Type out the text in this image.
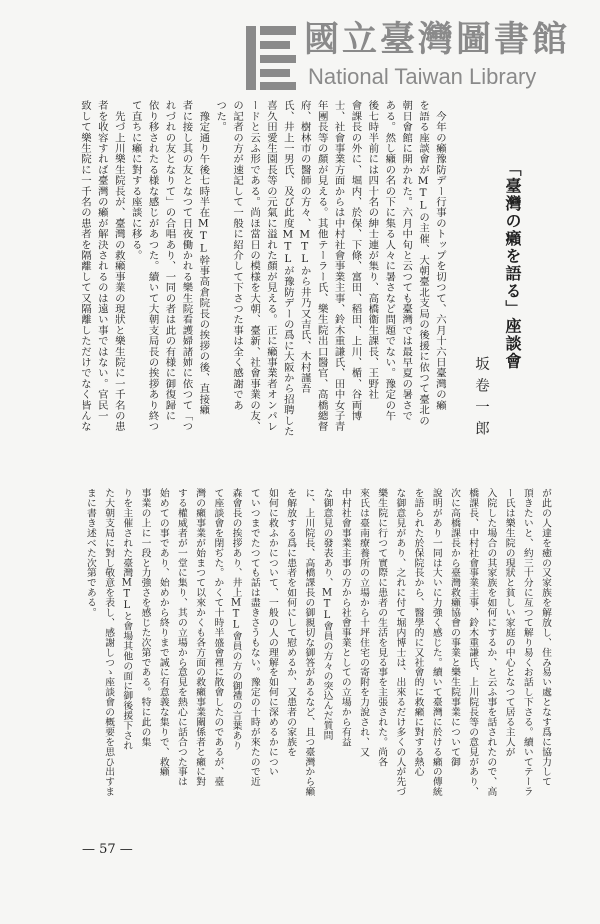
國立臺灣圖書館
National Taiwan Library
「臺灣の癩を語る」座談會
坂卷一郎
　今年の癩豫防デー行事のトップを切つて、六月十六日臺灣の癩
を語る座談會がMTLの主催、大朝臺北支局の後援に依つて臺北の
朝日會館に開かれた。六月中旬と云つても臺灣では最早夏の暑さで
ある。然し癩の名の下に集る人々に暑さなど問題でない。豫定の午
後七時半前には四十名の紳士連が集り、高橋衞生課長、王野社
會課長の外に、堀内、於保、下條、富田、稻田、上川、楯、谷両博
士、社會事業方面からは中村社會事業主事、鈴木重謙氏、田中女子青
年團長等の顏が見える。其他テーラー氏、樂生院出口醫官、高橋總督
府、樹林市の醫師の方々、MTLから井乃又吉氏、木村謹吾
氏、井上一男氏、及び此度MTLが豫防デーの爲に大阪から招聘した
喜久田愛生園長等の元氣に溢れた顏が見える。正に癩事業者オンパレ
ードと云ふ形である。尚ほ當日の模様を大朝、臺新、社會事業の友、
の記者の方が速記して一般に紹介して下さつた事は全く感謝であ
つた。
　豫定通り午後七時半在MTL幹事高倉院長の挨拶の後、直接癩
者に接し其の友となつて日夜働かれる樂生院看護婦諸姉に依つて「つ
れづれの友となりて」の合唱あり、一同の者は此の有様に御復歸に
依り移されたる様な感じがあつた。續いて大朝支局長の挨拶あり終つ
て直ちに癩に對する座談に移る。
　先づ上川樂生院長が、臺灣の救癩事業の現狀と樂生院に一千名の患
者を收容すれば臺灣の癩が解決されるのは遠い事ではない。官民一
致して樂生院に一千名の患者を隔離して又隔離しただけでなく皆んな
が此の人達を癒の又家族を解放し、住み易い處となす爲に協力して
頂きたいと、約三十分に亙つて解り易くお話し下さる。續いてテーラ
ー氏は樂生院の現狀と貧しい家庭の中心となつて居る主人が
入院した場合の其家族を如何にするか、と云ふ事を話されたので、高
橋課長、中村社會事業主事、鈴木重謙氏、上川院長等の意見があり、
次に高橋課長から臺灣救癩協會の事業と樂生院事業について御
說明があり一同は大いに力強く感じた。續いて臺灣に於ける癩の傳統
を語られた於保院長から、醫學的に又社會的に救癩に對する熱心
な御意見があり、之れに付て堀内博士は、出來るだけ多くの人が先づ
樂生院に行つて實際に患者の生活を見る事を主張された。尚各
來氏は臺南療養所の立場から十坪住宅の寄附を力說され、又
中村社會事業主事の方から社會事業としての立場から有益
な御意見の發表あり、MTL會員の方々の突込んだ質問
に、上川院長、高橋課長の御親切な御答があるなど、且つ臺灣から癩
を解放する爲に患者を如何にして慰めるか、又患者の家族を
如何に救ふかについて、一般の人の理解を如何に深めるかについ
ていつまでたつても話は盡きさうもない。豫定の十時が來たので近
森會長の挨拶あり、井上MTL會員の方の御禮の言葉あり
て座談會を閉ぢた。かくて十時半盛會裡に散會したのであるが、臺
灣の癩事業が始まつて以來かくも各方面の救癩事業關係者と癩に對
する權威者が一堂に集り、其の立場から意見を熱心に話合つた事は
始めての事であり、始めから終りまで誠に有意義な集りで、救癩
事業の上に一段と力強さを感じた次第である。特に此の集
りを主催された臺灣MTLと會場其他の面に御後援下され
た大朝支局に對し敬意を表し、感謝しつゝ座談會の概要を思ひ出すま
まに書き述べた次第である。
— 57 —
